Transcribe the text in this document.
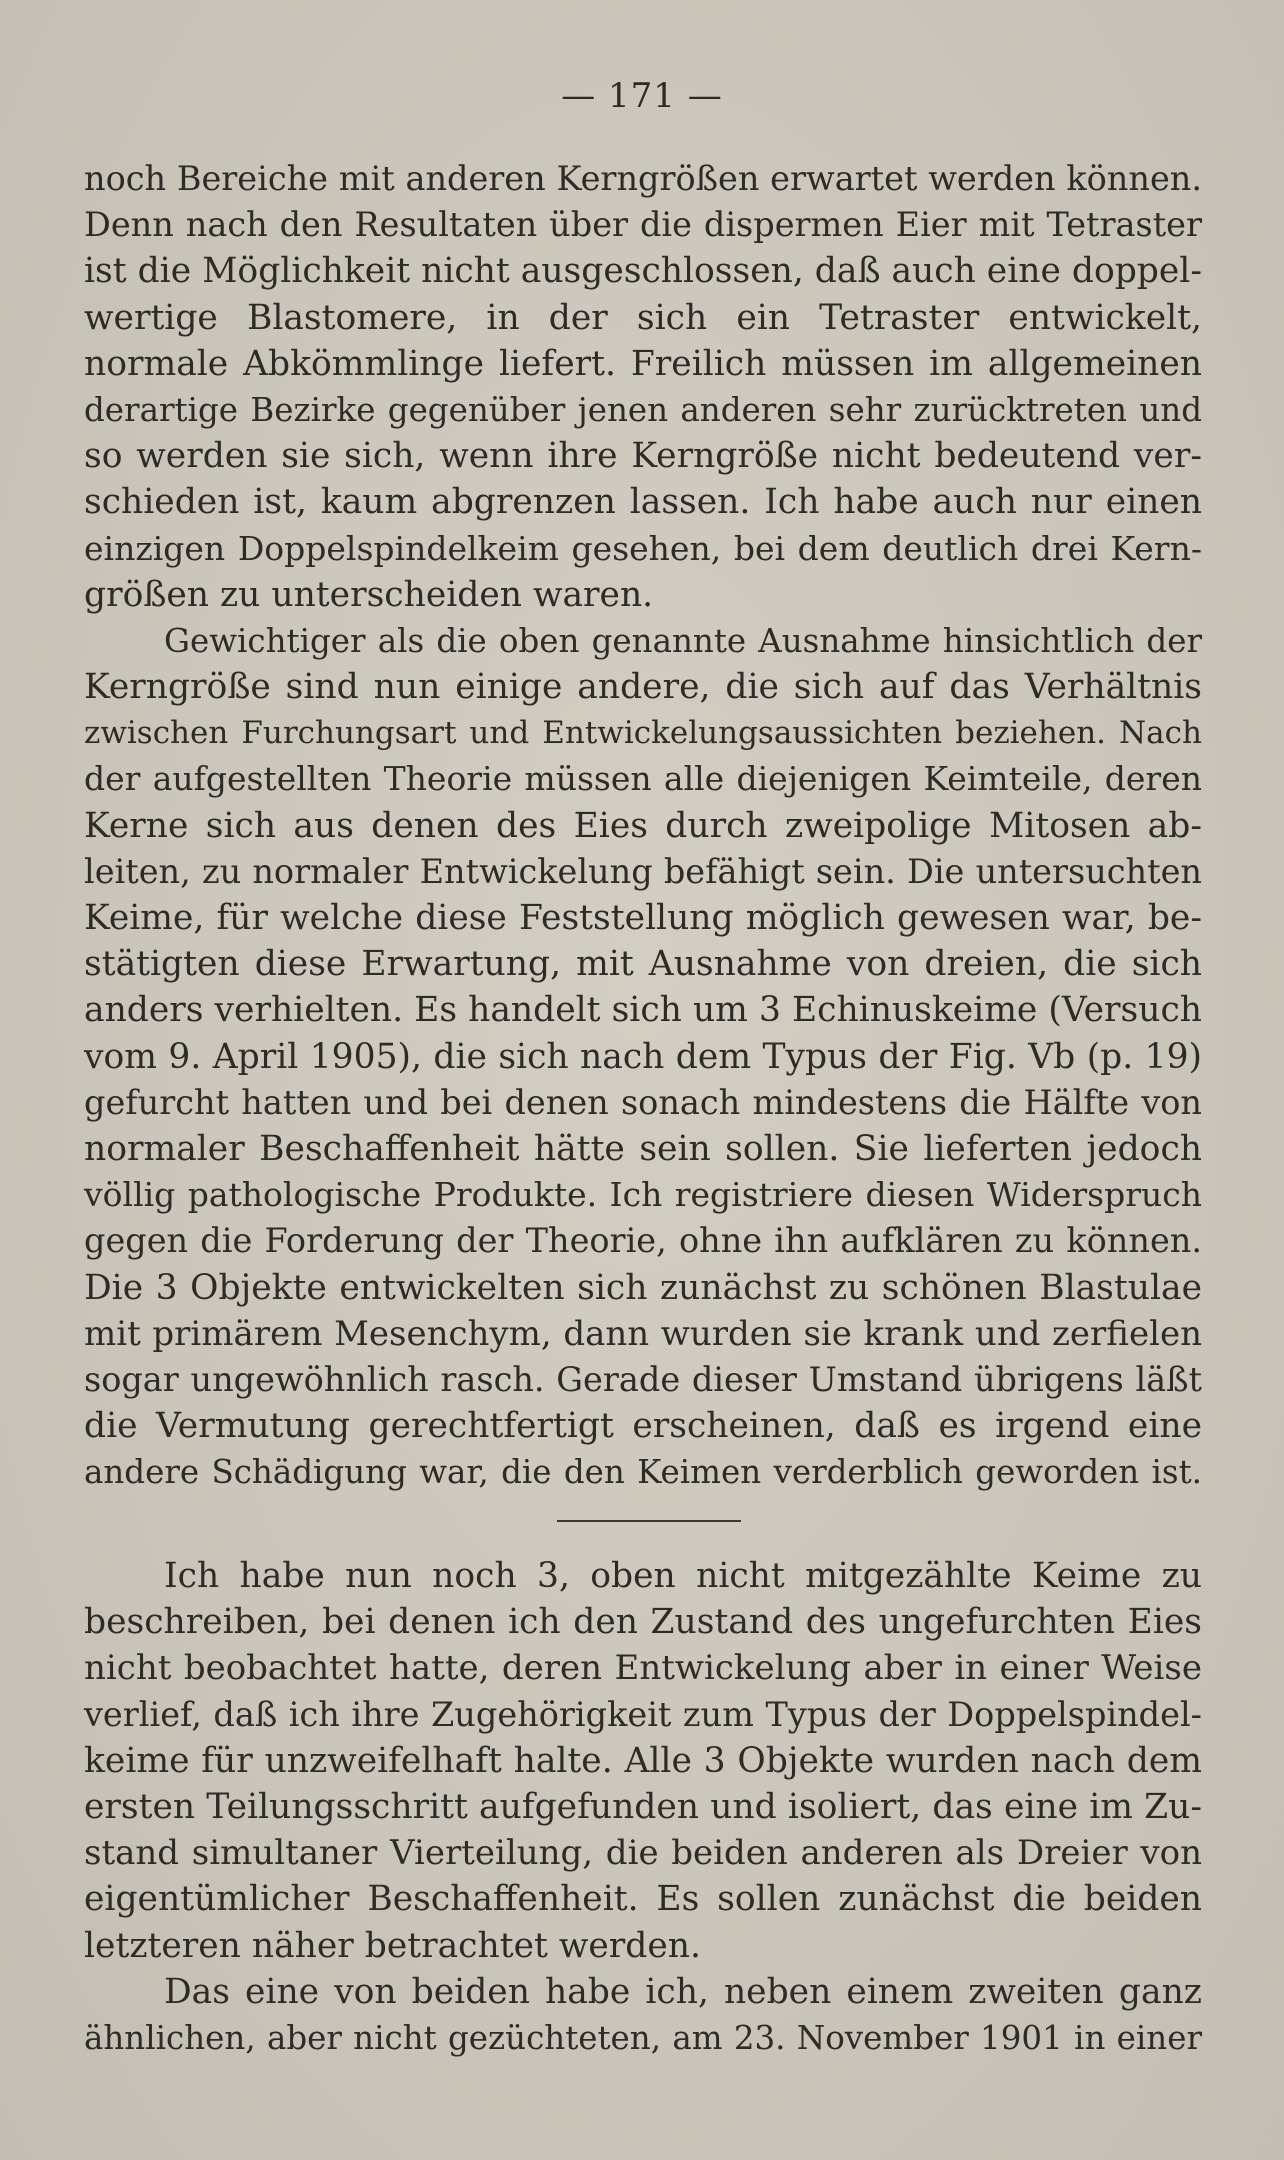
— 171 —
noch Bereiche mit anderen Kerngrößen erwartet werden können.
Denn nach den Resultaten über die dispermen Eier mit Tetraster
ist die Möglichkeit nicht ausgeschlossen, daß auch eine doppel-
wertige Blastomere, in der sich ein Tetraster entwickelt,
normale Abkömmlinge liefert. Freilich müssen im allgemeinen
derartige Bezirke gegenüber jenen anderen sehr zurücktreten und
so werden sie sich, wenn ihre Kerngröße nicht bedeutend ver-
schieden ist, kaum abgrenzen lassen. Ich habe auch nur einen
einzigen Doppelspindelkeim gesehen, bei dem deutlich drei Kern-
größen zu unterscheiden waren.
Gewichtiger als die oben genannte Ausnahme hinsichtlich der
Kerngröße sind nun einige andere, die sich auf das Verhältnis
zwischen Furchungsart und Entwickelungsaussichten beziehen. Nach
der aufgestellten Theorie müssen alle diejenigen Keimteile, deren
Kerne sich aus denen des Eies durch zweipolige Mitosen ab-
leiten, zu normaler Entwickelung befähigt sein. Die untersuchten
Keime, für welche diese Feststellung möglich gewesen war, be-
stätigten diese Erwartung, mit Ausnahme von dreien, die sich
anders verhielten. Es handelt sich um 3 Echinuskeime (Versuch
vom 9. April 1905), die sich nach dem Typus der Fig. Vb (p. 19)
gefurcht hatten und bei denen sonach mindestens die Hälfte von
normaler Beschaffenheit hätte sein sollen. Sie lieferten jedoch
völlig pathologische Produkte. Ich registriere diesen Widerspruch
gegen die Forderung der Theorie, ohne ihn aufklären zu können.
Die 3 Objekte entwickelten sich zunächst zu schönen Blastulae
mit primärem Mesenchym, dann wurden sie krank und zerfielen
sogar ungewöhnlich rasch. Gerade dieser Umstand übrigens läßt
die Vermutung gerechtfertigt erscheinen, daß es irgend eine
andere Schädigung war, die den Keimen verderblich geworden ist.
Ich habe nun noch 3, oben nicht mitgezählte Keime zu
beschreiben, bei denen ich den Zustand des ungefurchten Eies
nicht beobachtet hatte, deren Entwickelung aber in einer Weise
verlief, daß ich ihre Zugehörigkeit zum Typus der Doppelspindel-
keime für unzweifelhaft halte. Alle 3 Objekte wurden nach dem
ersten Teilungsschritt aufgefunden und isoliert, das eine im Zu-
stand simultaner Vierteilung, die beiden anderen als Dreier von
eigentümlicher Beschaffenheit. Es sollen zunächst die beiden
letzteren näher betrachtet werden.
Das eine von beiden habe ich, neben einem zweiten ganz
ähnlichen, aber nicht gezüchteten, am 23. November 1901 in einer
